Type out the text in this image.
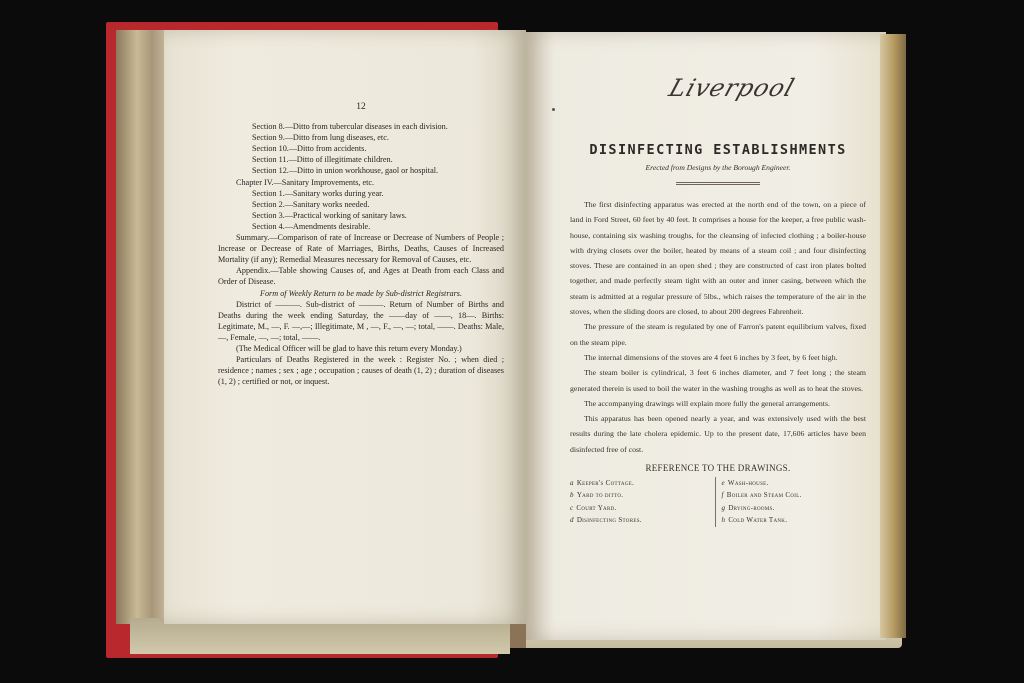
12
Section 8.—Ditto from tubercular diseases in each division.
Section 9.—Ditto from lung diseases, etc.
Section 10.—Ditto from accidents.
Section 11.—Ditto of illegitimate children.
Section 12.—Ditto in union workhouse, gaol or hospital.
Chapter IV.—Sanitary Improvements, etc.
Section 1.—Sanitary works during year.
Section 2.—Sanitary works needed.
Section 3.—Practical working of sanitary laws.
Section 4.—Amendments desirable.
Summary.—Comparison of rate of Increase or Decrease of Numbers of People ; Increase or Decrease of Rate of Marriages, Births, Deaths, Causes of Increased Mortality (if any); Remedial Measures necessary for Removal of Causes, etc.
Appendix.—Table showing Causes of, and Ages at Death from each Class and Order of Disease.
Form of Weekly Return to be made by Sub-district Registrars.
District of ———. Sub-district of ———. Return of Number of Births and Deaths during the week ending Saturday, the ——day of ——, 18—. Births: Legitimate, M., —, F. —,—; Illegitimate, M , —, F., —, —; total, ——. Deaths: Male, —, Female, —, —; total, ——.
(The Medical Officer will be glad to have this return every Monday.)
Particulars of Deaths Registered in the week : Register No. ; when died ; residence ; names ; sex ; age ; occupation ; causes of death (1, 2) ; duration of diseases (1, 2) ; certified or not, or inquest.
Liverpool
DISINFECTING ESTABLISHMENTS
Erected from Designs by the Borough Engineer.

The first disinfecting apparatus was erected at the north end of the town, on a piece of land in Ford Street, 60 feet by 40 feet. It comprises a house for the keeper, a free public wash-house, containing six washing troughs, for the cleansing of infected clothing ; a boiler-house with drying closets over the boiler, heated by means of a steam coil ; and four disinfecting stoves. These are contained in an open shed ; they are constructed of cast iron plates bolted together, and made perfectly steam tight with an outer and inner casing, between which the steam is admitted at a regular pressure of 5lbs., which raises the temperature of the air in the stoves, when the sliding doors are closed, to about 200 degrees Fahrenheit.

The pressure of the steam is regulated by one of Farron's patent equilibrium valves, fixed on the steam pipe.

The internal dimensions of the stoves are 4 feet 6 inches by 3 feet, by 6 feet high.

The steam boiler is cylindrical, 3 feet 6 inches diameter, and 7 feet long ; the steam generated therein is used to boil the water in the washing troughs as well as to heat the stoves.

The accompanying drawings will explain more fully the general arrangements.

This apparatus has been opened nearly a year, and was extensively used with the best results during the late cholera epidemic. Up to the present date, 17,606 articles have been disinfected free of cost.

REFERENCE TO THE DRAWINGS.
a Keeper's Cottage.
b Yard to ditto.
c Court Yard.
d Disinfecting Stores.
e Wash-house.
f Boiler and Steam Coil.
g Drying-rooms.
h Cold Water Tank.
